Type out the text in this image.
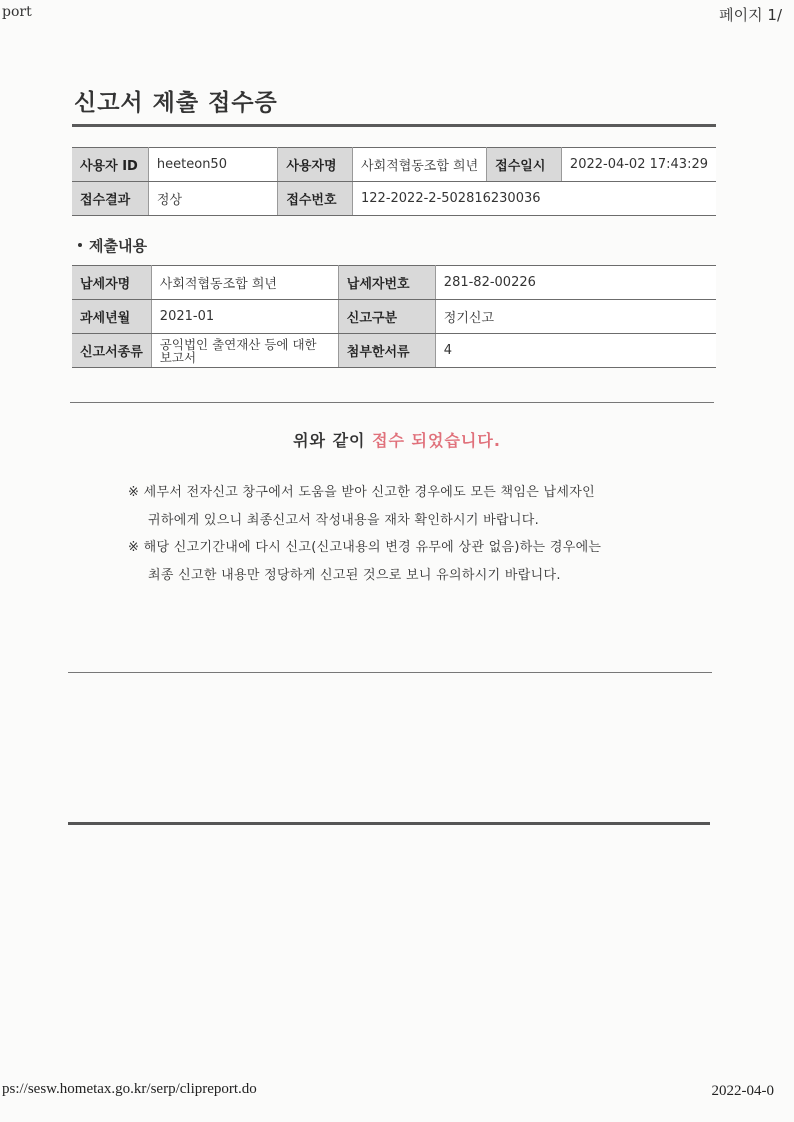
port	페이지 1/
신고서 제출 접수증
사용자 ID	heeteon50	사용자명	사회적협동조합 희년	접수일시	2022-04-02 17:43:29
접수결과	정상	접수번호	122-2022-2-502816230036		
제출내용
납세자명	사회적협동조합 희년	납세자번호	281-82-00226
과세년월	2021-01	신고구분	정기신고
신고서종류	공익법인 출연재산 등에 대한 보고서	첨부한서류	4
위와 같이 접수 되었습니다.
※ 세무서 전자신고 창구에서 도움을 받아 신고한 경우에도 모든 책임은 납세자인
귀하에게 있으니 최종신고서 작성내용을 재차 확인하시기 바랍니다.
※ 해당 신고기간내에 다시 신고(신고내용의 변경 유무에 상관 없음)하는 경우에는
최종 신고한 내용만 정당하게 신고된 것으로 보니 유의하시기 바랍니다.
ps://sesw.hometax.go.kr/serp/clipreport.do	2022-04-0
